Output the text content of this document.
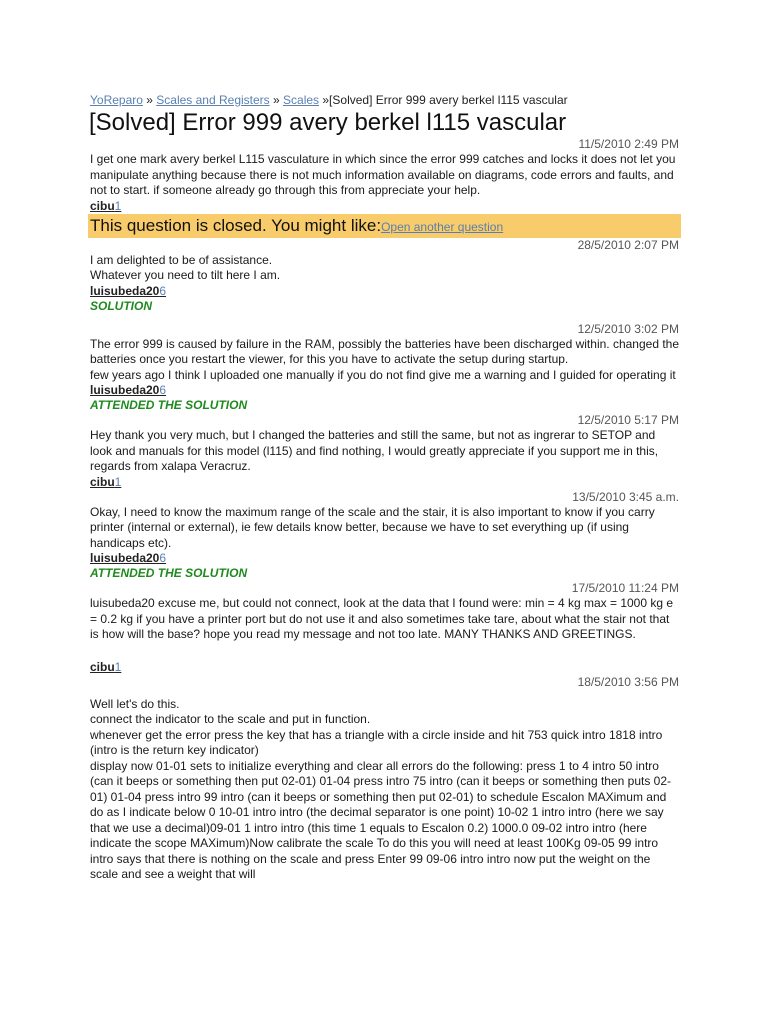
YoReparo » Scales and Registers » Scales »[Solved] Error 999 avery berkel l115 vascular
[Solved] Error 999 avery berkel l115 vascular
11/5/2010 2:49 PM

I get one mark avery berkel L115 vasculature in which since the error 999 catches and locks it does not let you manipulate anything because there is not much information available on diagrams, code errors and faults, and not to start. if someone already go through this from appreciate your help.

cibu1
This question is closed. You might like:Open another question
28/5/2010 2:07 PM

I am delighted to be of assistance.

Whatever you need to tilt here I am.

luisubeda206
SOLUTION
12/5/2010 3:02 PM

The error 999 is caused by failure in the RAM, possibly the batteries have been discharged within. changed the batteries once you restart the viewer, for this you have to activate the setup during startup.

few years ago I think I uploaded one manually if you do not find give me a warning and I guided for operating it

luisubeda206
ATTENDED THE SOLUTION
12/5/2010 5:17 PM

Hey thank you very much, but I changed the batteries and still the same, but not as ingrerar to SETOP and look and manuals for this model (l115) and find nothing, I would greatly appreciate if you support me in this, regards from xalapa Veracruz.

cibu1
13/5/2010 3:45 a.m.

Okay, I need to know the maximum range of the scale and the stair, it is also important to know if you carry printer (internal or external), ie few details know better, because we have to set everything up (if using handicaps etc).

luisubeda206
ATTENDED THE SOLUTION
17/5/2010 11:24 PM

luisubeda20 excuse me, but could not connect, look at the data that I found were: min = 4 kg max = 1000 kg e = 0.2 kg if you have a printer port but do not use it and also sometimes take tare, about what the stair not that is how will the base? hope you read my message and not too late. MANY THANKS AND GREETINGS.

cibu1
18/5/2010 3:56 PM

Well let's do this.

connect the indicator to the scale and put in function.

whenever get the error press the key that has a triangle with a circle inside and hit 753 quick intro 1818 intro (intro is the return key indicator)

display now 01-01 sets to initialize everything and clear all errors do the following: press 1 to 4 intro 50 intro (can it beeps or something then put 02-01) 01-04 press intro 75 intro (can it beeps or something then puts 02-01) 01-04 press intro 99 intro (can it beeps or something then put 02-01) to schedule Escalon MAXimum and do as I indicate below 0 10-01 intro intro (the decimal separator is one point) 10-02 1 intro intro (here we say that we use a decimal)09-01 1 intro intro (this time 1 equals to Escalon 0.2) 1000.0 09-02 intro intro (here indicate the scope MAXimum)Now calibrate the scale To do this you will need at least 100Kg 09-05 99 intro intro says that there is nothing on the scale and press Enter 99 09-06 intro intro now put the weight on the scale and see a weight that will
